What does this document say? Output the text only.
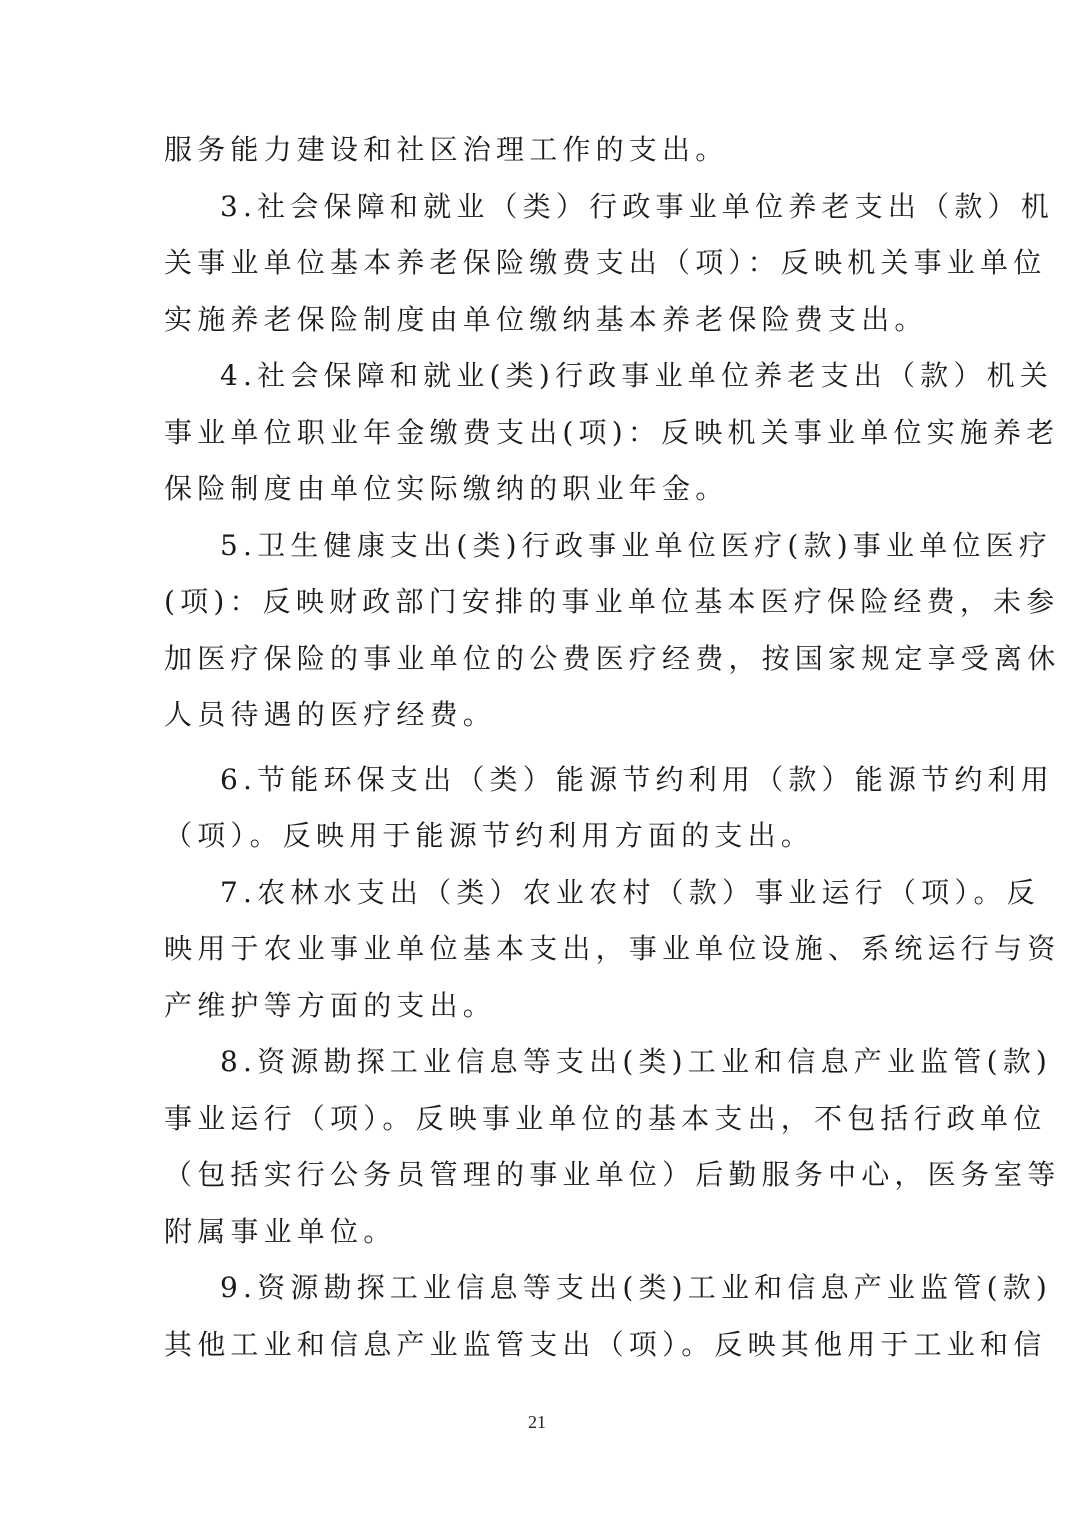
服务能力建设和社区治理工作的支出。
3.社会保障和就业（类）行政事业单位养老支出（款）机
关事业单位基本养老保险缴费支出（项）：反映机关事业单位
实施养老保险制度由单位缴纳基本养老保险费支出。
4.社会保障和就业(类)行政事业单位养老支出（款）机关
事业单位职业年金缴费支出(项)：反映机关事业单位实施养老
保险制度由单位实际缴纳的职业年金。
5.卫生健康支出(类)行政事业单位医疗(款)事业单位医疗
(项)：反映财政部门安排的事业单位基本医疗保险经费，未参
加医疗保险的事业单位的公费医疗经费，按国家规定享受离休
人员待遇的医疗经费。
6.节能环保支出（类）能源节约利用（款）能源节约利用
（项）。反映用于能源节约利用方面的支出。
7.农林水支出（类）农业农村（款）事业运行（项）。反
映用于农业事业单位基本支出，事业单位设施、系统运行与资
产维护等方面的支出。
8.资源勘探工业信息等支出(类)工业和信息产业监管(款)
事业运行（项）。反映事业单位的基本支出，不包括行政单位
（包括实行公务员管理的事业单位）后勤服务中心，医务室等
附属事业单位。
9.资源勘探工业信息等支出(类)工业和信息产业监管(款)
其他工业和信息产业监管支出（项）。反映其他用于工业和信
21
